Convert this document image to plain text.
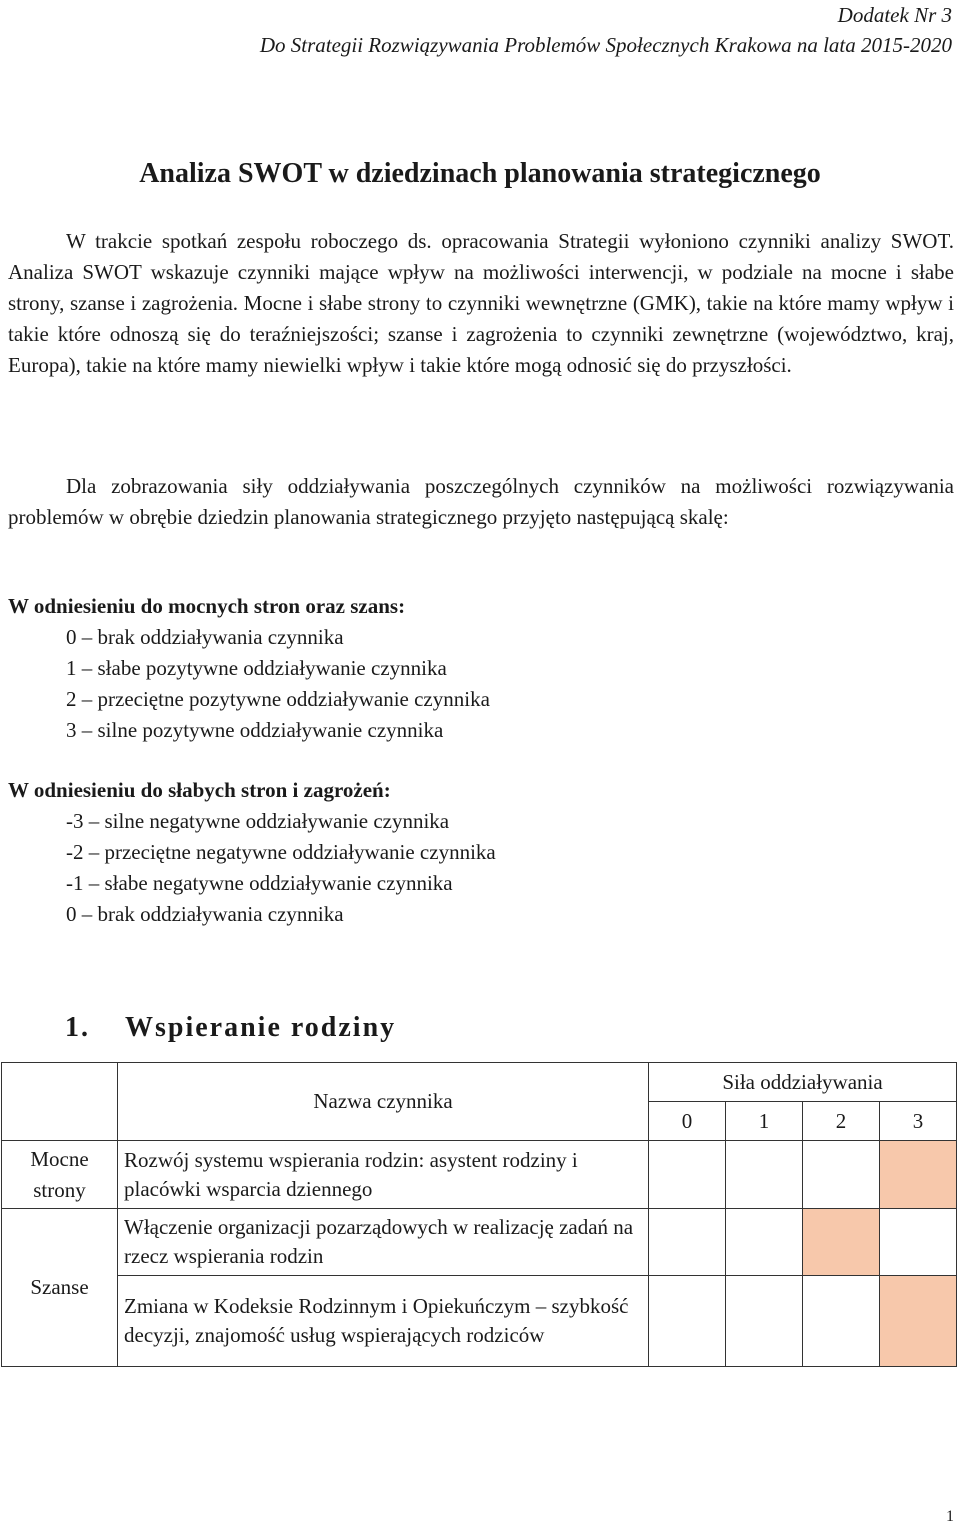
Dodatek Nr 3
Do Strategii Rozwiązywania Problemów Społecznych Krakowa na lata 2015-2020
Analiza SWOT w dziedzinach planowania strategicznego
W trakcie spotkań zespołu roboczego ds. opracowania Strategii wyłoniono czynniki analizy SWOT. Analiza SWOT wskazuje czynniki mające wpływ na możliwości interwencji, w podziale na mocne i słabe strony, szanse i zagrożenia. Mocne i słabe strony to czynniki wewnętrzne (GMK), takie na które mamy wpływ i takie które odnoszą się do teraźniejszości; szanse i zagrożenia to czynniki zewnętrzne (województwo, kraj, Europa), takie na które mamy niewielki wpływ i takie które mogą odnosić się do przyszłości.
Dla zobrazowania siły oddziaływania poszczególnych czynników na możliwości rozwiązywania problemów w obrębie dziedzin planowania strategicznego przyjęto następującą skalę:
W odniesieniu do mocnych stron oraz szans:
0 – brak oddziaływania czynnika
1 – słabe pozytywne oddziaływanie czynnika
2 – przeciętne pozytywne oddziaływanie czynnika
3 – silne pozytywne oddziaływanie czynnika
W odniesieniu do słabych stron i zagrożeń:
-3 – silne negatywne oddziaływanie czynnika
-2 – przeciętne negatywne oddziaływanie czynnika
-1 – słabe negatywne oddziaływanie czynnika
0 – brak oddziaływania czynnika
1. Wspieranie rodziny
	Nazwa czynnika	Siła oddziaływania			
		0	1	2	3
Mocne strony	Rozwój systemu wspierania rodzin: asystent rodziny i placówki wsparcia dziennego				
Szanse	Włączenie organizacji pozarządowych w realizację zadań na rzecz wspierania rodzin				
	Zmiana w Kodeksie Rodzinnym i Opiekuńczym – szybkość decyzji, znajomość usług wspierających rodziców				
1
